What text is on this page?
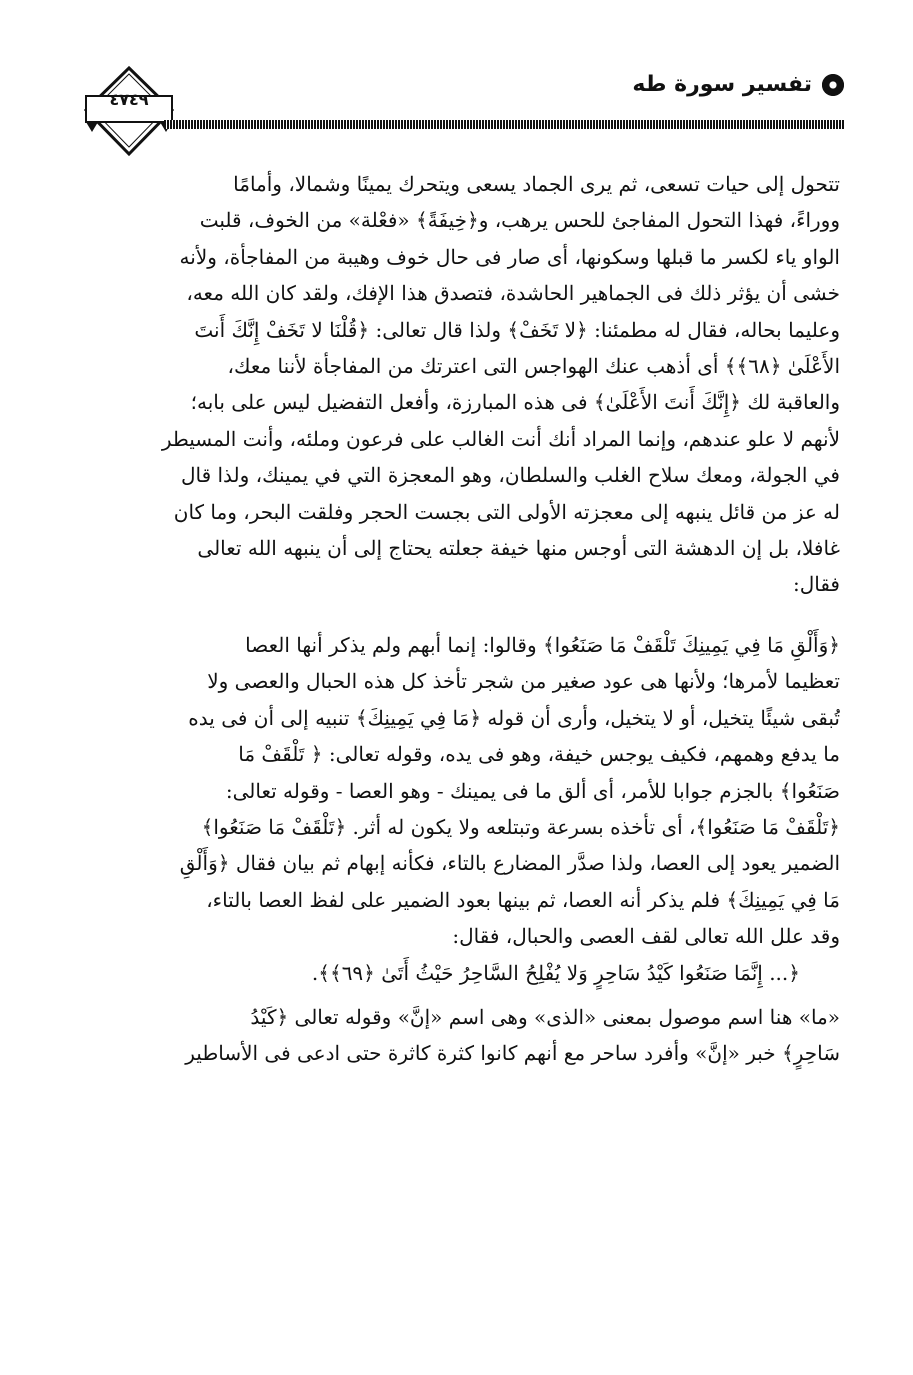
٤٧٤٩
تفسير سورة طه
تتحول إلى حيات تسعى، ثم يرى الجماد يسعى ويتحرك يمينًا وشمالا، وأمامًا
ووراءً، فهذا التحول المفاجئ للحس يرهب، و﴿خِيفَةً﴾ «فعْلة» من الخوف، قلبت
الواو ياء لكسر ما قبلها وسكونها، أى صار فى حال خوف وهيبة من المفاجأة، ولأنه
خشى أن يؤثر ذلك فى الجماهير الحاشدة، فتصدق هذا الإفك، ولقد كان الله معه،
وعليما بحاله، فقال له مطمئنا: ﴿لا تَخَفْ﴾ ولذا قال تعالى: ﴿قُلْنَا لا تَخَفْ إِنَّكَ أَنتَ
الأَعْلَىٰ ﴿٦٨﴾﴾ أى أذهب عنك الهواجس التى اعترتك من المفاجأة لأننا معك،
والعاقبة لك ﴿إِنَّكَ أَنتَ الأَعْلَىٰ﴾ فى هذه المبارزة، وأفعل التفضيل ليس على بابه؛
لأنهم لا علو عندهم، وإنما المراد أنك أنت الغالب على فرعون وملئه، وأنت المسيطر
في الجولة، ومعك سلاح الغلب والسلطان، وهو المعجزة التي في يمينك، ولذا قال
له عز من قائل ينبهه إلى معجزته الأولى التى بجست الحجر وفلقت البحر، وما كان
غافلا، بل إن الدهشة التى أوجس منها خيفة جعلته يحتاج إلى أن ينبهه الله تعالى
فقال:
﴿وَأَلْقِ مَا فِي يَمِينِكَ تَلْقَفْ مَا صَنَعُوا﴾ وقالوا: إنما أبهم ولم يذكر أنها العصا
تعظيما لأمرها؛ ولأنها هى عود صغير من شجر تأخذ كل هذه الحبال والعصى ولا
تُبقى شيئًا يتخيل، أو لا يتخيل، وأرى أن قوله ﴿مَا فِي يَمِينِكَ﴾ تنبيه إلى أن فى يده
ما يدفع وهمهم، فكيف يوجس خيفة، وهو فى يده، وقوله تعالى: ﴿ تَلْقَفْ مَا
صَنَعُوا﴾ بالجزم جوابا للأمر، أى ألق ما فى يمينك - وهو العصا - وقوله تعالى:
﴿تَلْقَفْ مَا صَنَعُوا﴾، أى تأخذه بسرعة وتبتلعه ولا يكون له أثر. ﴿تَلْقَفْ مَا صَنَعُوا﴾
الضمير يعود إلى العصا، ولذا صدَّر المضارع بالتاء، فكأنه إبهام ثم بيان فقال ﴿وَأَلْقِ
مَا فِي يَمِينِكَ﴾ فلم يذكر أنه العصا، ثم بينها بعود الضمير على لفظ العصا بالتاء،
وقد علل الله تعالى لقف العصى والحبال، فقال:
﴿... إِنَّمَا صَنَعُوا كَيْدُ سَاحِرٍ وَلا يُفْلِحُ السَّاحِرُ حَيْثُ أَتَىٰ ﴿٦٩﴾﴾.
«ما» هنا اسم موصول بمعنى «الذى» وهى اسم «إنَّ» وقوله تعالى ﴿كَيْدُ
سَاحِرٍ﴾ خبر «إنَّ» وأفرد ساحر مع أنهم كانوا كثرة كاثرة حتى ادعى فى الأساطير
